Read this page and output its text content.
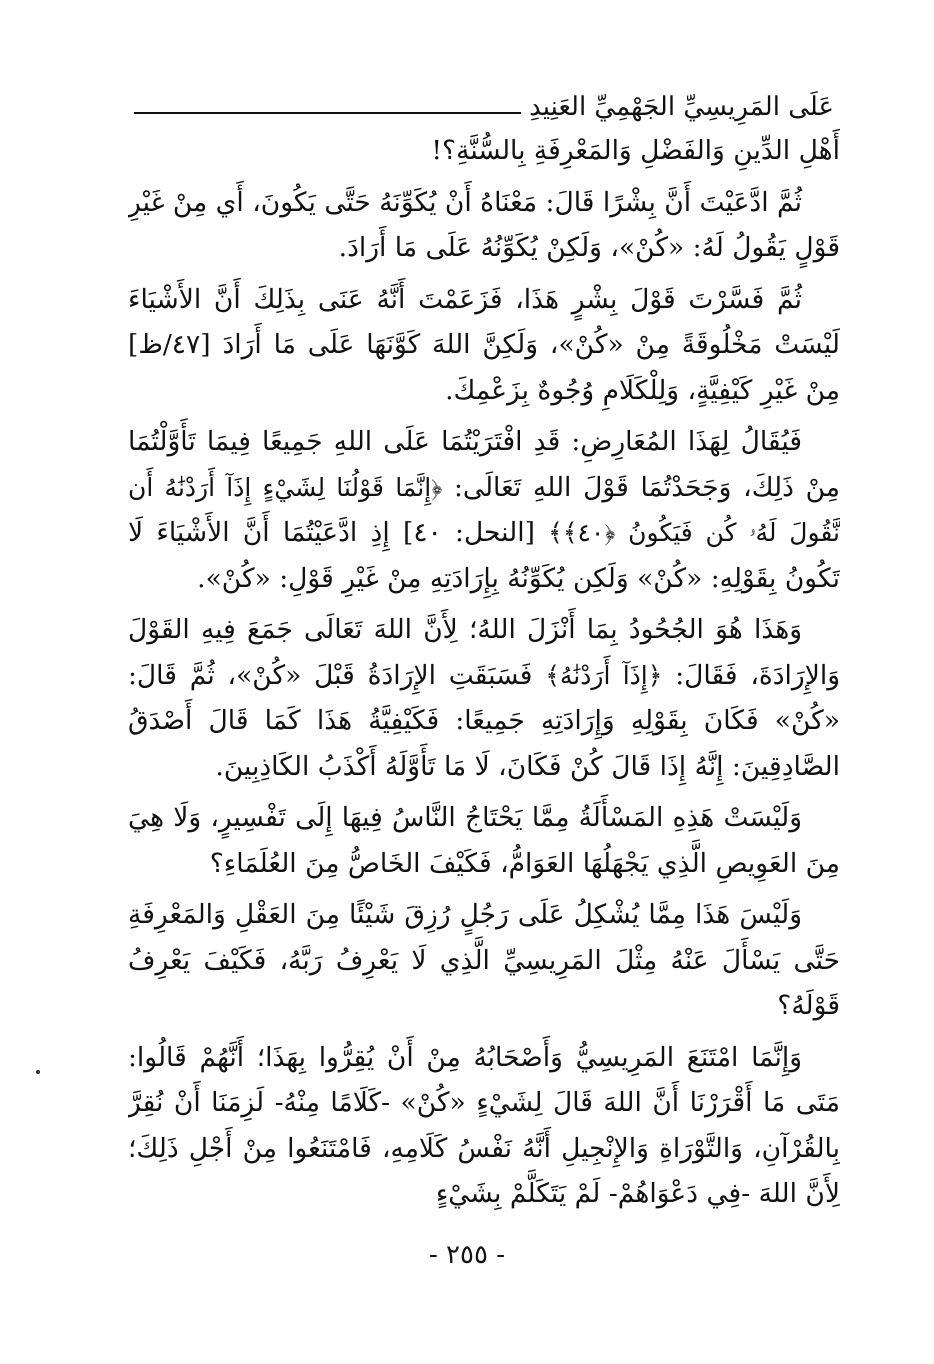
عَلَى المَرِيسِيِّ الجَهْمِيِّ العَنِيدِ

أَهْلِ الدِّينِ وَالفَضْلِ وَالمَعْرِفَةِ بِالسُّنَّةِ؟!

ثُمَّ ادَّعَيْتَ أَنَّ بِشْرًا قَالَ: مَعْنَاهُ أَنْ يُكَوِّنَهُ حَتَّى يَكُونَ، أَي مِنْ غَيْرِ قَوْلٍ يَقُولُ لَهُ: «كُنْ»، وَلَكِنْ يُكَوِّنُهُ عَلَى مَا أَرَادَ.

ثُمَّ فَسَّرْتَ قَوْلَ بِشْرٍ هَذَا، فَزَعَمْتَ أَنَّهُ عَنَى بِذَلِكَ أَنَّ الأَشْيَاءَ لَيْسَتْ مَخْلُوقَةً مِنْ «كُنْ»، وَلَكِنَّ اللهَ كَوَّنَهَا عَلَى مَا أَرَادَ [٤٧/ظ] مِنْ غَيْرِ كَيْفِيَّةٍ، وَلِلْكَلَامِ وُجُوهٌ بِزَعْمِكَ.

فَيُقَالُ لِهَذَا المُعَارِضِ: قَدِ افْتَرَيْتُمَا عَلَى اللهِ جَمِيعًا فِيمَا تَأَوَّلْتُمَا مِنْ ذَلِكَ، وَجَحَدْتُمَا قَوْلَ اللهِ تَعَالَى: ﴿إِنَّمَا قَوْلُنَا لِشَيْءٍ إِذَآ أَرَدْنَٰهُ أَن نَّقُولَ لَهُۥ كُن فَيَكُونُ ﴿٤٠﴾﴾ [النحل: ٤٠] إِذِ ادَّعَيْتُمَا أَنَّ الأَشْيَاءَ لَا تَكُونُ بِقَوْلِهِ: «كُنْ» وَلَكِن يُكَوِّنُهُ بِإِرَادَتِهِ مِنْ غَيْرِ قَوْلِ: «كُنْ».

وَهَذَا هُوَ الجُحُودُ بِمَا أَنْزَلَ اللهُ؛ لِأَنَّ اللهَ تَعَالَى جَمَعَ فِيهِ القَوْلَ وَالإِرَادَةَ، فَقَالَ: ﴿إِذَآ أَرَدْنَٰهُ﴾ فَسَبَقَتِ الإِرَادَةُ قَبْلَ «كُنْ»، ثُمَّ قَالَ: «كُنْ» فَكَانَ بِقَوْلِهِ وَإِرَادَتِهِ جَمِيعًا: فَكَيْفِيَّةُ هَذَا كَمَا قَالَ أَصْدَقُ الصَّادِقِينَ: إِنَّهُ إِذَا قَالَ كُنْ فَكَانَ، لَا مَا تَأَوَّلَهُ أَكْذَبُ الكَاذِبِينَ.

وَلَيْسَتْ هَذِهِ المَسْأَلَةُ مِمَّا يَحْتَاجُ النَّاسُ فِيهَا إِلَى تَفْسِيرٍ، وَلَا هِيَ مِنَ العَوِيصِ الَّذِي يَجْهَلُهَا العَوَامُّ، فَكَيْفَ الخَاصُّ مِنَ العُلَمَاءِ؟

وَلَيْسَ هَذَا مِمَّا يُشْكِلُ عَلَى رَجُلٍ رُزِقَ شَيْئًا مِنَ العَقْلِ وَالمَعْرِفَةِ حَتَّى يَسْأَلَ عَنْهُ مِثْلَ المَرِيسِيِّ الَّذِي لَا يَعْرِفُ رَبَّهُ، فَكَيْفَ يَعْرِفُ قَوْلَهُ؟

وَإِنَّمَا امْتَنَعَ المَرِيسِيُّ وَأَصْحَابُهُ مِنْ أَنْ يُقِرُّوا بِهَذَا؛ أَنَّهُمْ قَالُوا: مَتَى مَا أَقْرَرْنَا أَنَّ اللهَ قَالَ لِشَيْءٍ «كُنْ» -كَلَامًا مِنْهُ- لَزِمَنَا أَنْ نُقِرَّ بِالقُرْآنِ، وَالتَّوْرَاةِ وَالإِنْجِيلِ أَنَّهُ نَفْسُ كَلَامِهِ، فَامْتَنَعُوا مِنْ أَجْلِ ذَلِكَ؛ لِأَنَّ اللهَ -فِي دَعْوَاهُمْ- لَمْ يَتَكَلَّمْ بِشَيْءٍ

- ٢٥٥ -
